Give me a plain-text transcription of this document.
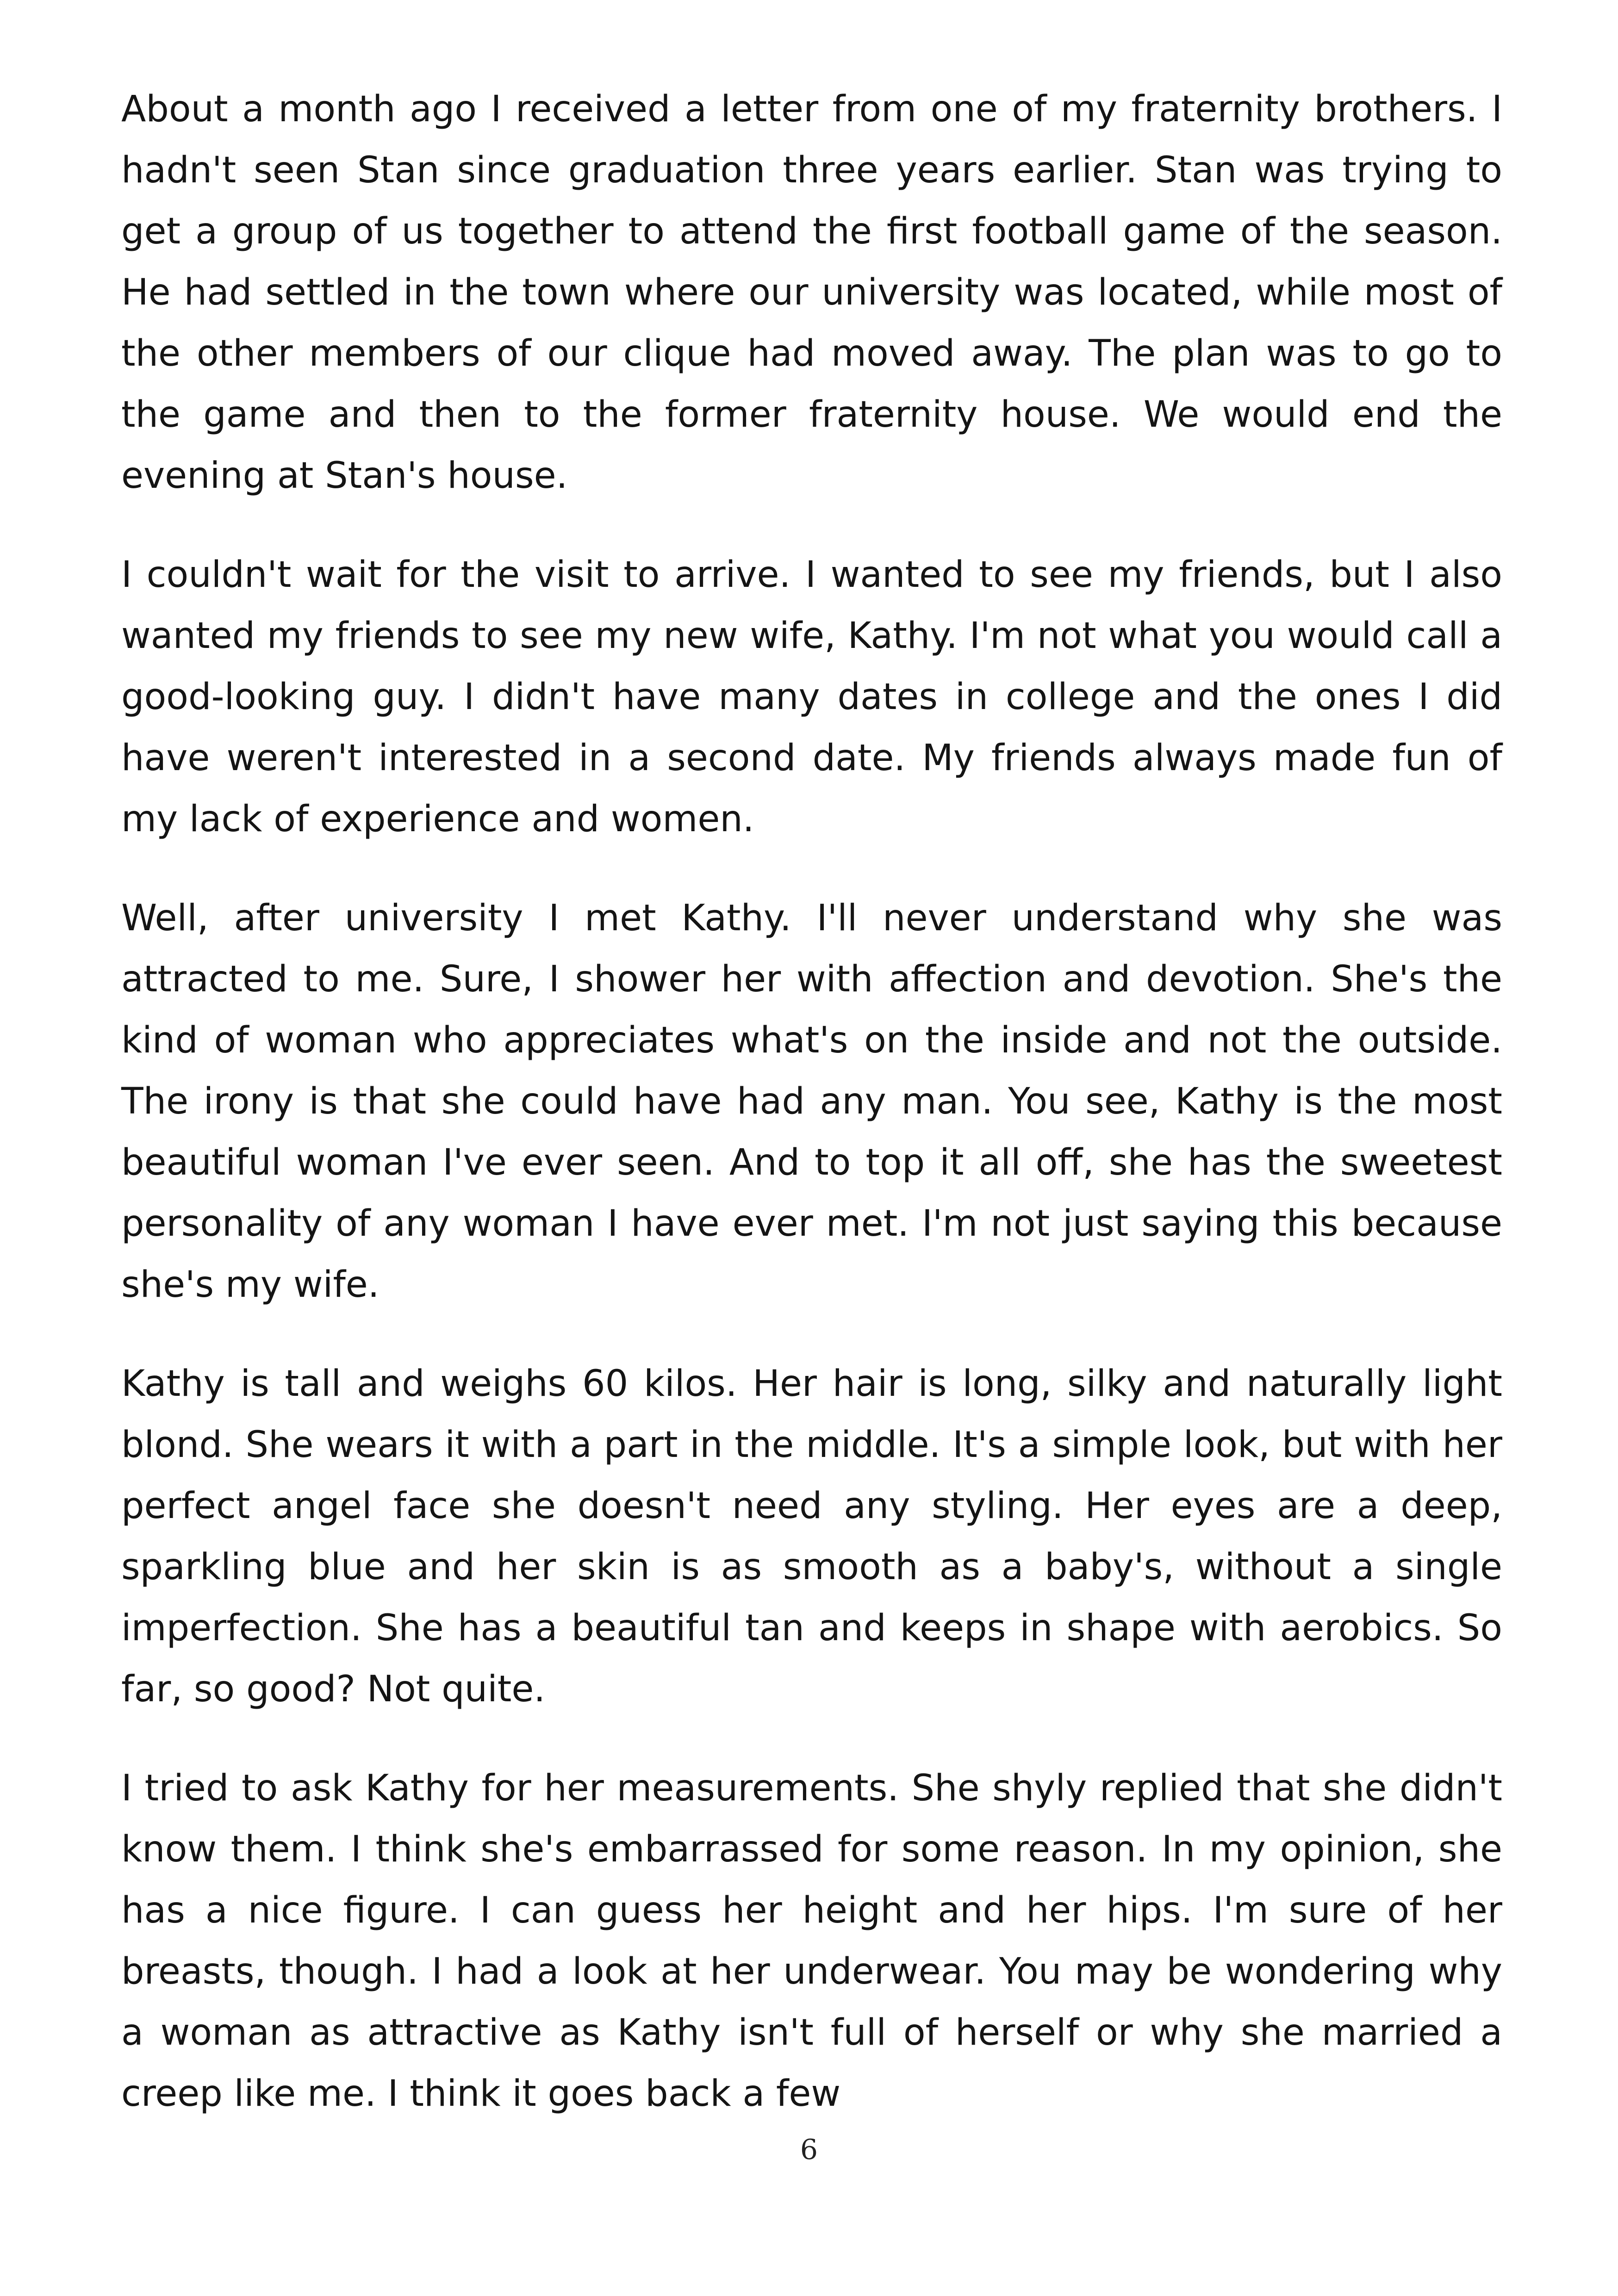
About a month ago I received a letter from one of my fraternity brothers. I hadn't seen Stan since graduation three years earlier. Stan was trying to get a group of us together to attend the first football game of the season. He had settled in the town where our university was located, while most of the other members of our clique had moved away. The plan was to go to the game and then to the former fraternity house. We would end the evening at Stan's house.

I couldn't wait for the visit to arrive. I wanted to see my friends, but I also wanted my friends to see my new wife, Kathy. I'm not what you would call a good-looking guy. I didn't have many dates in college and the ones I did have weren't interested in a second date. My friends always made fun of my lack of experience and women.

Well, after university I met Kathy. I'll never understand why she was attracted to me. Sure, I shower her with affection and devotion. She's the kind of woman who appreciates what's on the inside and not the outside. The irony is that she could have had any man. You see, Kathy is the most beautiful woman I've ever seen. And to top it all off, she has the sweetest personality of any woman I have ever met. I'm not just saying this because she's my wife.

Kathy is tall and weighs 60 kilos. Her hair is long, silky and naturally light blond. She wears it with a part in the middle. It's a simple look, but with her perfect angel face she doesn't need any styling. Her eyes are a deep, sparkling blue and her skin is as smooth as a baby's, without a single imperfection. She has a beautiful tan and keeps in shape with aerobics. So far, so good? Not quite.

I tried to ask Kathy for her measurements. She shyly replied that she didn't know them. I think she's embarrassed for some reason. In my opinion, she has a nice figure. I can guess her height and her hips. I'm sure of her breasts, though. I had a look at her underwear. You may be wondering why a woman as attractive as Kathy isn't full of herself or why she married a creep like me. I think it goes back a few

6
